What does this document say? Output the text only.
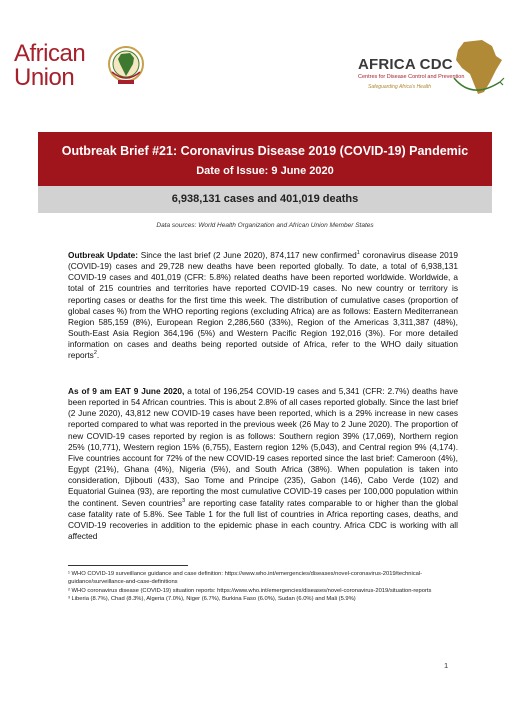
African
Union	AFRICA CDC
Centres for Disease Control and Prevention
Safeguarding Africa's Health
Outbreak Brief #21: Coronavirus Disease 2019 (COVID-19) Pandemic
Date of Issue: 9 June 2020
6,938,131 cases and 401,019 deaths
Data sources: World Health Organization and African Union Member States
Outbreak Update: Since the last brief (2 June 2020), 874,117 new confirmed$^1$ coronavirus disease 2019 (COVID-19) cases and 29,728 new deaths have been reported globally. To date, a total of 6,938,131 COVID-19 cases and 401,019 (CFR: 5.8%) related deaths have been reported worldwide. Worldwide, a total of 215 countries and territories have reported COVID-19 cases. No new country or territory is reporting cases or deaths for the first time this week. The distribution of cumulative cases (proportion of global cases %) from the WHO reporting regions (excluding Africa) are as follows: Eastern Mediterranean Region 585,159 (8%), European Region 2,286,560 (33%), Region of the Americas 3,311,387 (48%), South-East Asia Region 364,196 (5%) and Western Pacific Region 192,016 (3%). For more detailed information on cases and deaths being reported outside of Africa, refer to the WHO daily situation reports$^2$.
As of 9 am EAT 9 June 2020, a total of 196,254 COVID-19 cases and 5,341 (CFR: 2.7%) deaths have been reported in 54 African countries. This is about 2.8% of all cases reported globally. Since the last brief (2 June 2020), 43,812 new COVID-19 cases have been reported, which is a 29% increase in new cases reported compared to what was reported in the previous week (26 May to 2 June 2020). The proportion of new COVID-19 cases reported by region is as follows: Southern region 39% (17,069), Northern region 25% (10,771), Western region 15% (6,755), Eastern region 12% (5,043), and Central region 9% (4,174). Five countries account for 72% of the new COVID-19 cases reported since the last brief: Cameroon (4%), Egypt (21%), Ghana (4%), Nigeria (5%), and South Africa (38%). When population is taken into consideration, Djibouti (433), Sao Tome and Principe (235), Gabon (146), Cabo Verde (102) and Equatorial Guinea (93), are reporting the most cumulative COVID-19 cases per 100,000 population within the continent. Seven countries$^3$ are reporting case fatality rates comparable to or higher than the global case fatality rate of 5.8%. See Table 1 for the full list of countries in Africa reporting cases, deaths, and COVID-19 recoveries in addition to the epidemic phase in each country. Africa CDC is working with all affected
¹ WHO COVID-19 surveillance guidance and case definition: https://www.who.int/emergencies/diseases/novel-coronavirus-2019/technical-guidance/surveillance-and-case-definitions
² WHO coronavirus disease (COVID-19) situation reports: https://www.who.int/emergencies/diseases/novel-coronavirus-2019/situation-reports
³ Liberia (8.7%), Chad (8.3%), Algeria (7.0%), Niger (6.7%), Burkina Faso (6.0%), Sudan (6.0%) and Mali (5.9%)
1
